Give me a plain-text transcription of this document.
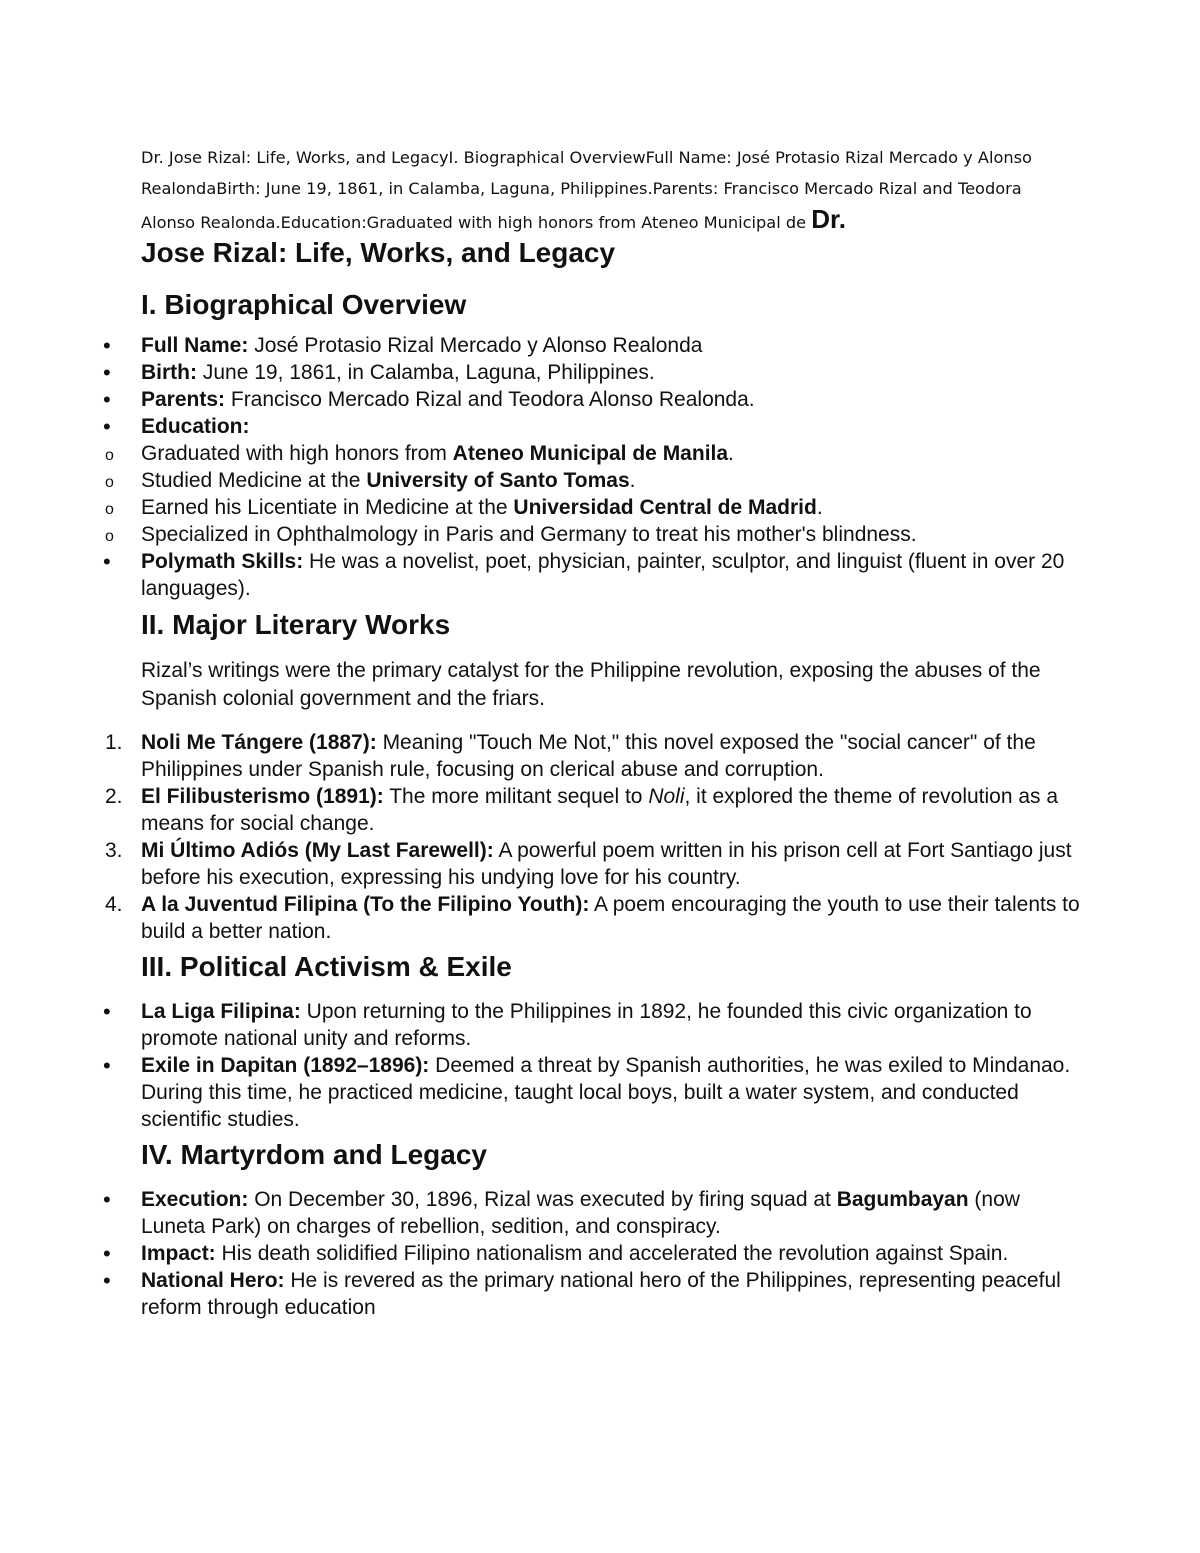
Dr. Jose Rizal: Life, Works, and LegacyI. Biographical OverviewFull Name: José Protasio Rizal Mercado y Alonso RealondaBirth: June 19, 1861, in Calamba, Laguna, Philippines.Parents: Francisco Mercado Rizal and Teodora Alonso Realonda.Education:Graduated with high honors from Ateneo Municipal de Dr.
Jose Rizal: Life, Works, and Legacy
I. Biographical Overview
• Full Name: José Protasio Rizal Mercado y Alonso Realonda
• Birth: June 19, 1861, in Calamba, Laguna, Philippines.
• Parents: Francisco Mercado Rizal and Teodora Alonso Realonda.
• Education:
o Graduated with high honors from Ateneo Municipal de Manila.
o Studied Medicine at the University of Santo Tomas.
o Earned his Licentiate in Medicine at the Universidad Central de Madrid.
o Specialized in Ophthalmology in Paris and Germany to treat his mother's blindness.
• Polymath Skills: He was a novelist, poet, physician, painter, sculptor, and linguist (fluent in over 20 languages).
II. Major Literary Works

Rizal’s writings were the primary catalyst for the Philippine revolution, exposing the abuses of the Spanish colonial government and the friars.

1. Noli Me Tángere (1887): Meaning "Touch Me Not," this novel exposed the "social cancer" of the Philippines under Spanish rule, focusing on clerical abuse and corruption.
2. El Filibusterismo (1891): The more militant sequel to Noli, it explored the theme of revolution as a means for social change.
3. Mi Último Adiós (My Last Farewell): A powerful poem written in his prison cell at Fort Santiago just before his execution, expressing his undying love for his country.
4. A la Juventud Filipina (To the Filipino Youth): A poem encouraging the youth to use their talents to build a better nation.
III. Political Activism & Exile
• La Liga Filipina: Upon returning to the Philippines in 1892, he founded this civic organization to promote national unity and reforms.
• Exile in Dapitan (1892–1896): Deemed a threat by Spanish authorities, he was exiled to Mindanao. During this time, he practiced medicine, taught local boys, built a water system, and conducted scientific studies.
IV. Martyrdom and Legacy
• Execution: On December 30, 1896, Rizal was executed by firing squad at Bagumbayan (now Luneta Park) on charges of rebellion, sedition, and conspiracy.
• Impact: His death solidified Filipino nationalism and accelerated the revolution against Spain.
• National Hero: He is revered as the primary national hero of the Philippines, representing peaceful reform through education
